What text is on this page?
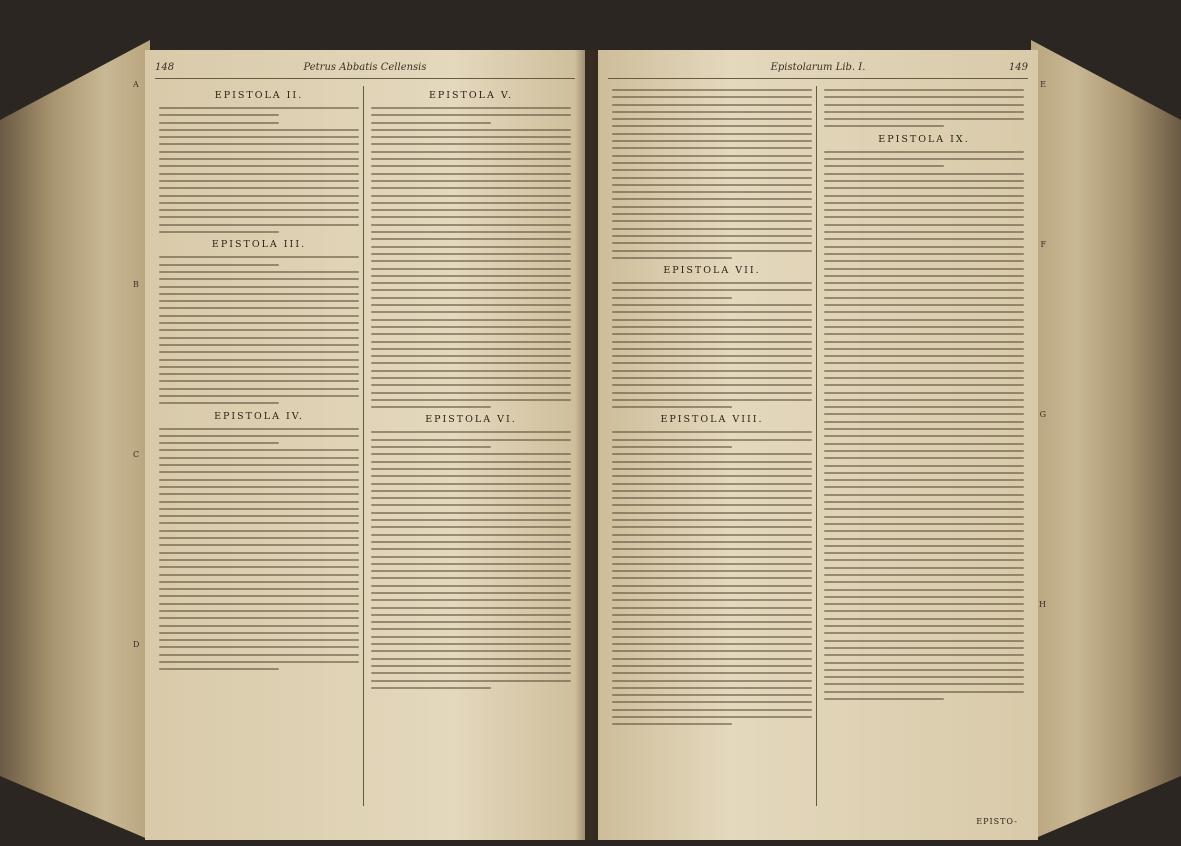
148	Petrus Abbatis Cellensis
EPISTOLA II.
EPISTOLA III.
EPISTOLA IV.
EPISTOLA V.
EPISTOLA VI.
A
B
C
D
Epistolarum Lib. I.	149
EPISTOLA VII.
EPISTOLA VIII.
EPISTOLA IX.
E
F
G
H
EPISTO-
